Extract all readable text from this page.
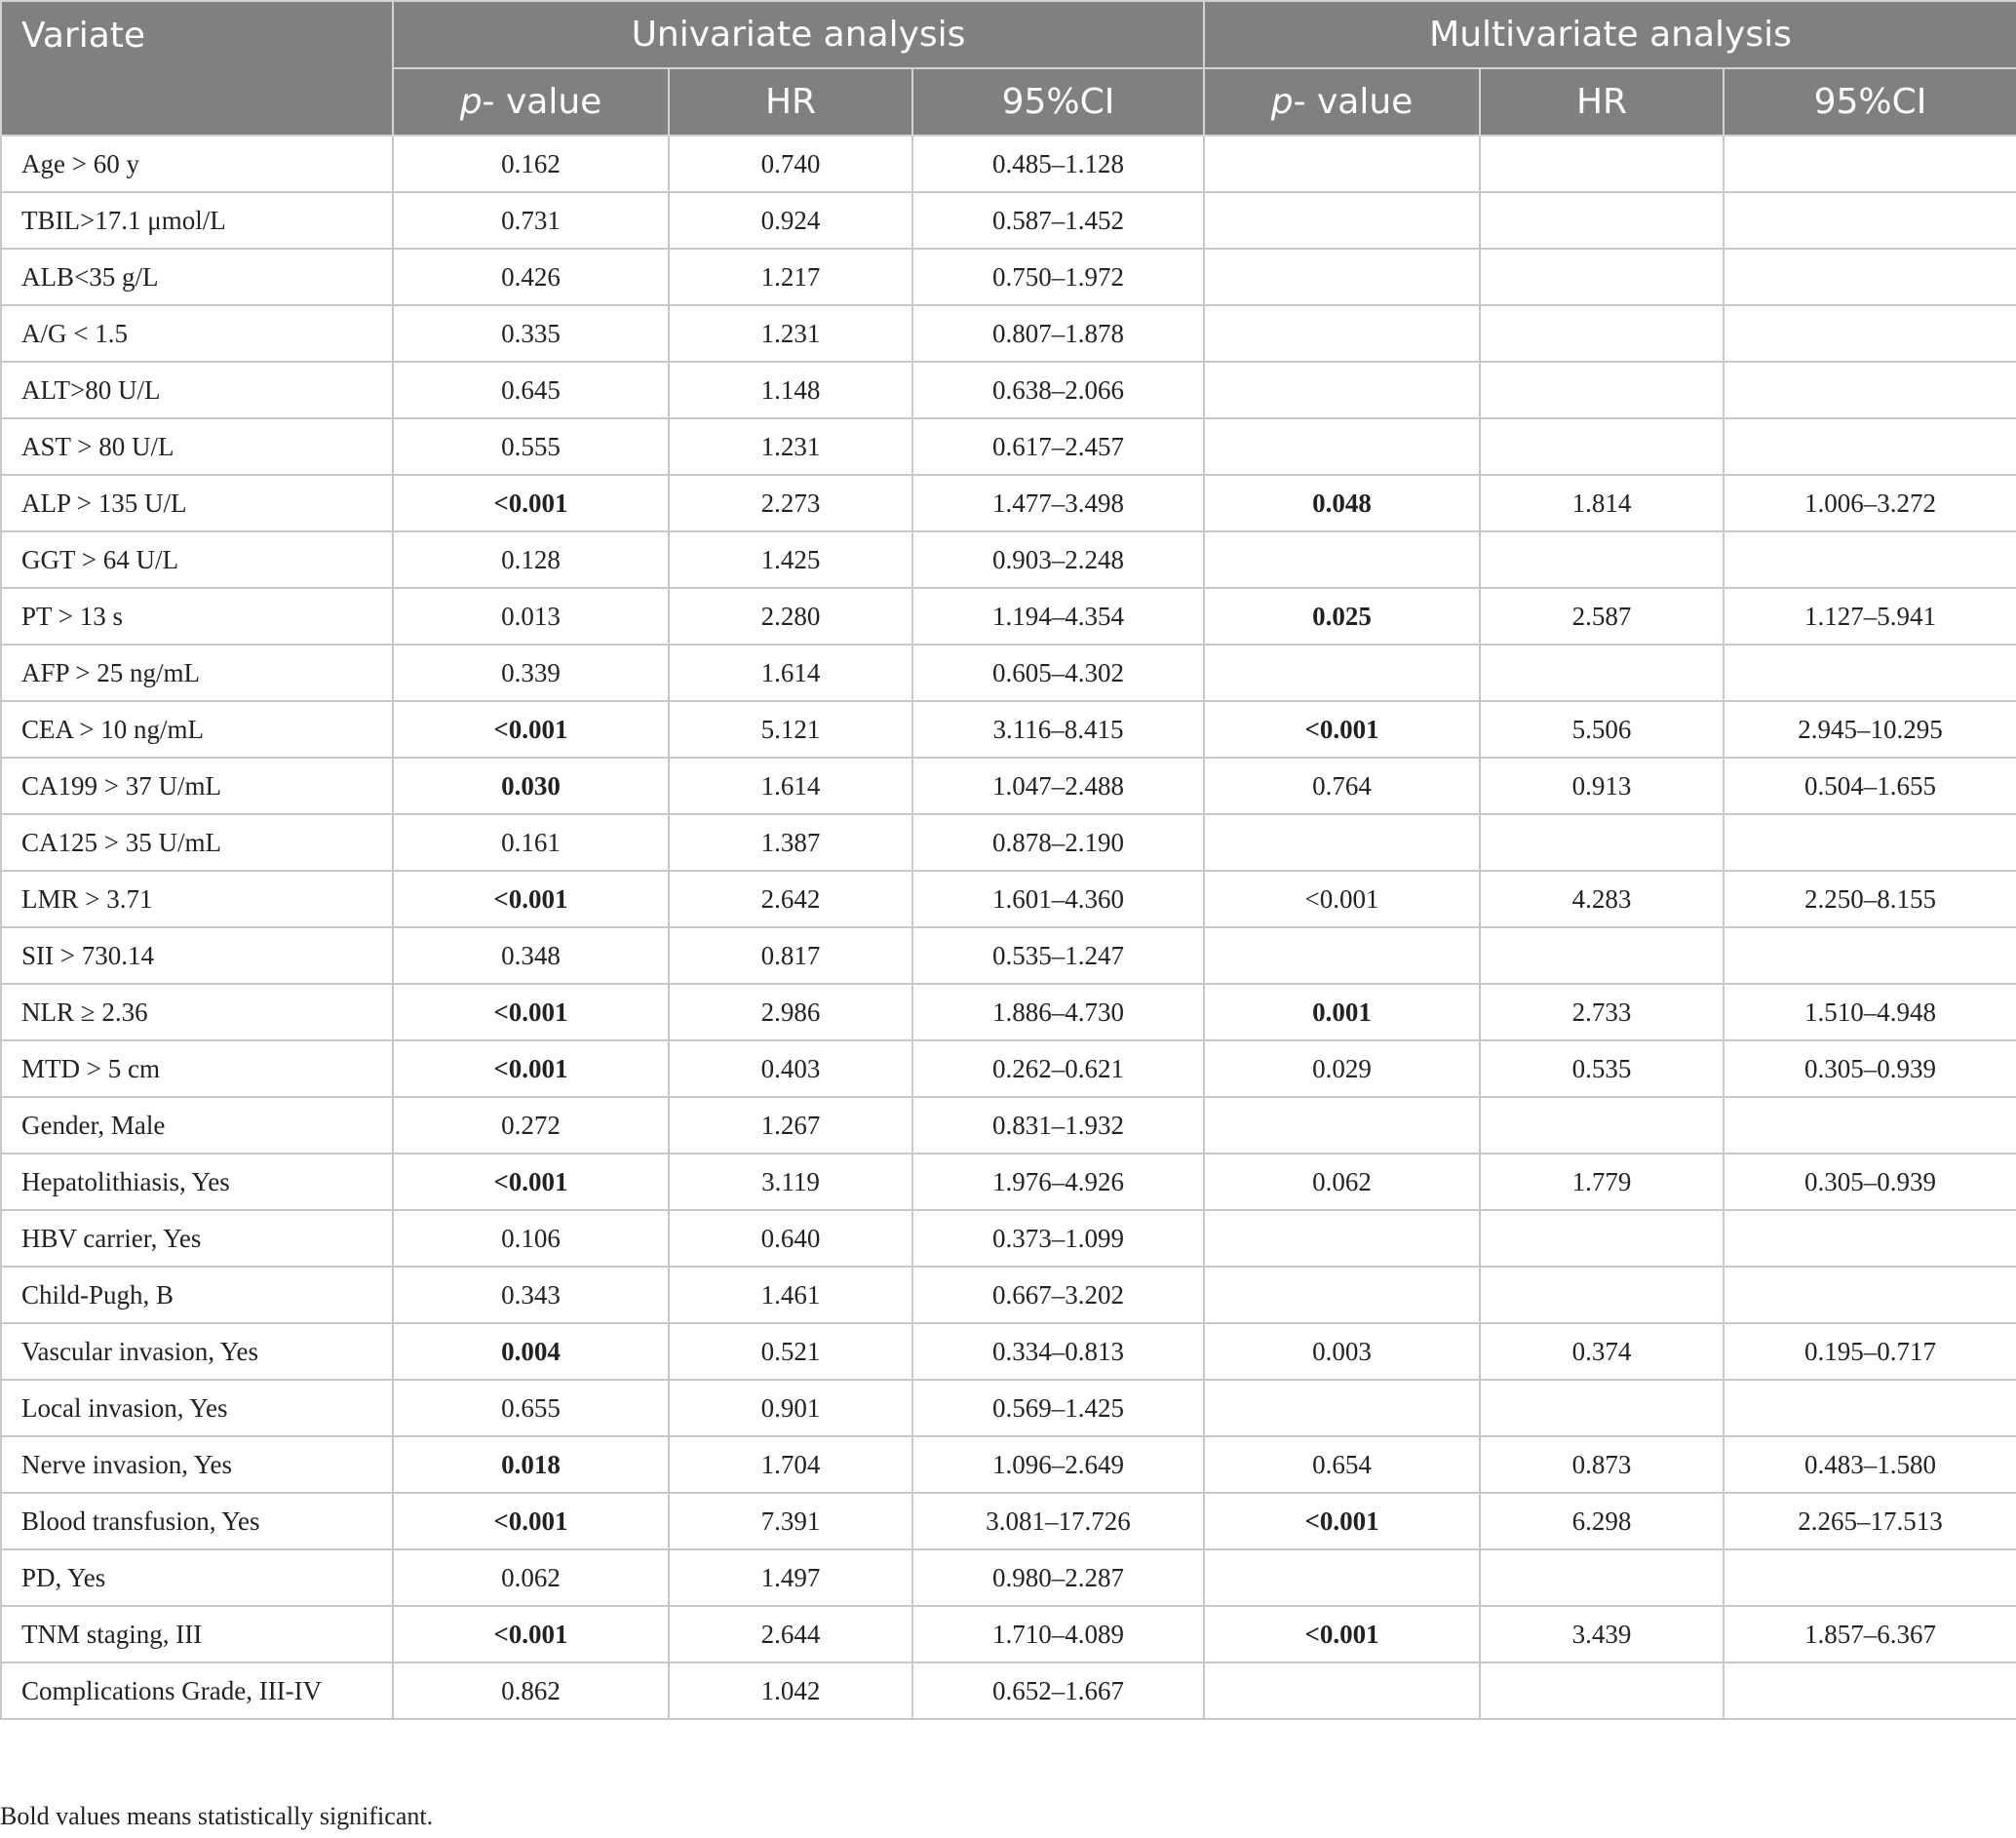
Variate	Univariate analysis			Multivariate analysis		
	p- value	HR	95%CI	p- value	HR	95%CI
Age > 60 y	0.162	0.740	0.485–1.128			
TBIL>17.1 μmol/L	0.731	0.924	0.587–1.452			
ALB<35 g/L	0.426	1.217	0.750–1.972			
A/G < 1.5	0.335	1.231	0.807–1.878			
ALT>80 U/L	0.645	1.148	0.638–2.066			
AST > 80 U/L	0.555	1.231	0.617–2.457			
ALP > 135 U/L	<0.001	2.273	1.477–3.498	0.048	1.814	1.006–3.272
GGT > 64 U/L	0.128	1.425	0.903–2.248			
PT > 13 s	0.013	2.280	1.194–4.354	0.025	2.587	1.127–5.941
AFP > 25 ng/mL	0.339	1.614	0.605–4.302			
CEA > 10 ng/mL	<0.001	5.121	3.116–8.415	<0.001	5.506	2.945–10.295
CA199 > 37 U/mL	0.030	1.614	1.047–2.488	0.764	0.913	0.504–1.655
CA125 > 35 U/mL	0.161	1.387	0.878–2.190			
LMR > 3.71	<0.001	2.642	1.601–4.360	<0.001	4.283	2.250–8.155
SII > 730.14	0.348	0.817	0.535–1.247			
NLR ≥ 2.36	<0.001	2.986	1.886–4.730	0.001	2.733	1.510–4.948
MTD > 5 cm	<0.001	0.403	0.262–0.621	0.029	0.535	0.305–0.939
Gender, Male	0.272	1.267	0.831–1.932			
Hepatolithiasis, Yes	<0.001	3.119	1.976–4.926	0.062	1.779	0.305–0.939
HBV carrier, Yes	0.106	0.640	0.373–1.099			
Child-Pugh, B	0.343	1.461	0.667–3.202			
Vascular invasion, Yes	0.004	0.521	0.334–0.813	0.003	0.374	0.195–0.717
Local invasion, Yes	0.655	0.901	0.569–1.425			
Nerve invasion, Yes	0.018	1.704	1.096–2.649	0.654	0.873	0.483–1.580
Blood transfusion, Yes	<0.001	7.391	3.081–17.726	<0.001	6.298	2.265–17.513
PD, Yes	0.062	1.497	0.980–2.287			
TNM staging, III	<0.001	2.644	1.710–4.089	<0.001	3.439	1.857–6.367
Complications Grade, III-IV	0.862	1.042	0.652–1.667			
Bold values means statistically significant.
